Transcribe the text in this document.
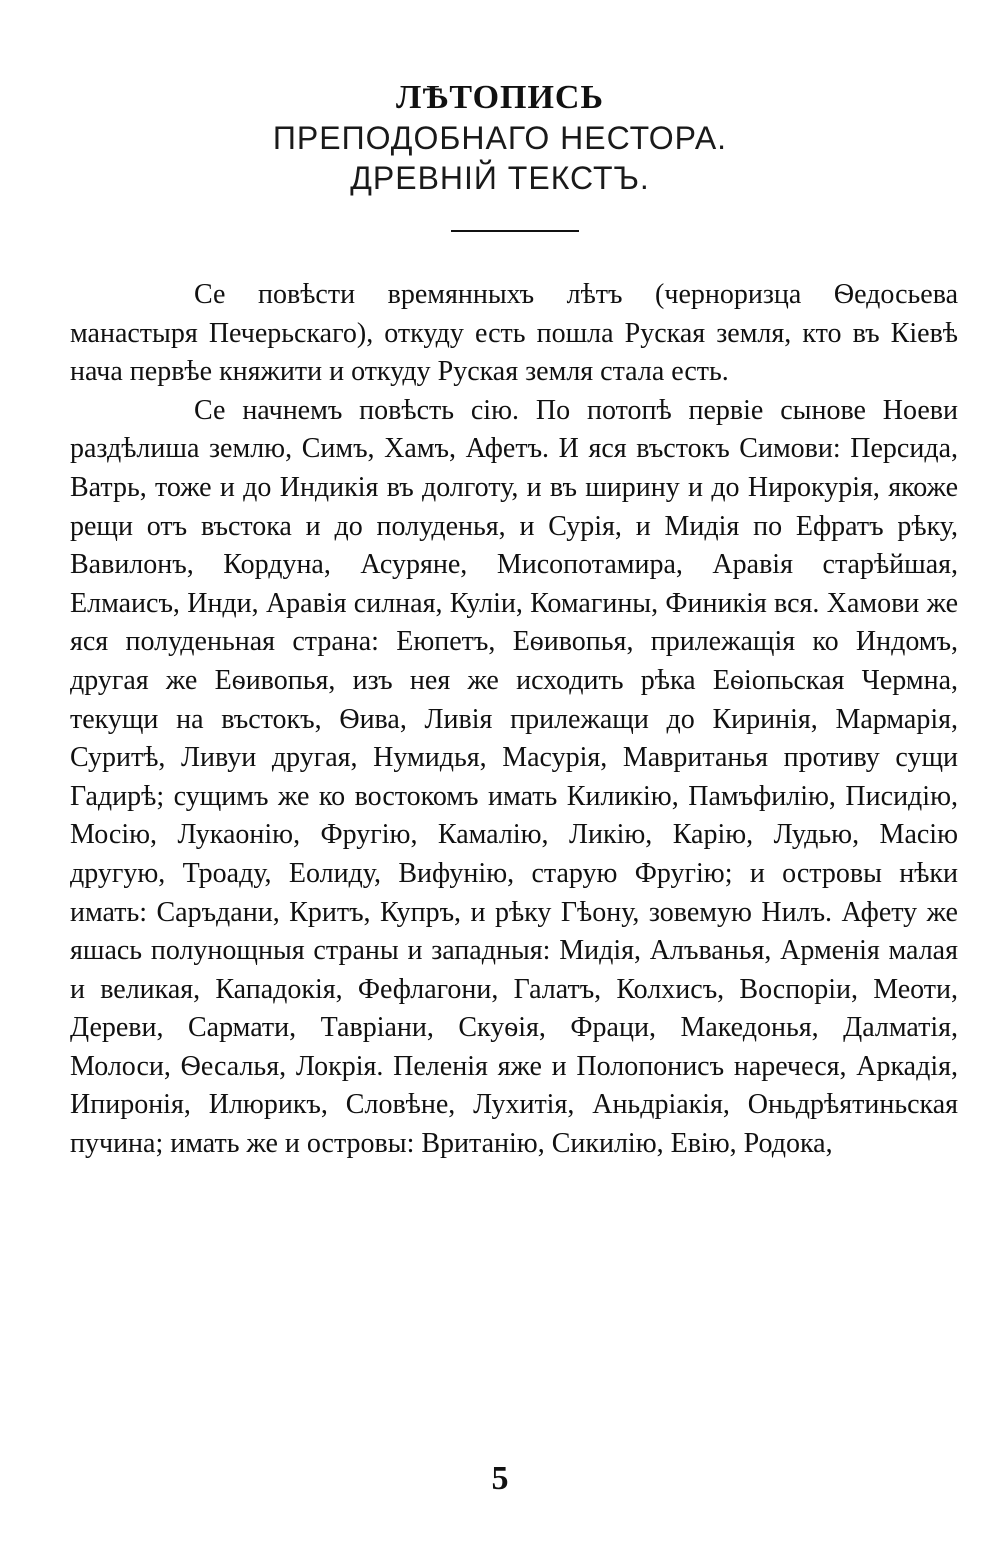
ЛѢТОПИСЬ
ПРЕПОДОБНАГО НЕСТОРА.
ДРЕВНІЙ ТЕКСТЪ.

Се повѣсти времянныхъ лѣтъ (черноризца Ѳедосьева манастыря Печерьскаго), откуду есть пошла Руская земля, кто въ Кіевѣ нача первѣе княжити и откуду Руская земля стала есть.

Се начнемъ повѣсть сію. По потопѣ первіе сынове Ноеви раздѣлиша землю, Симъ, Хамъ, Афетъ. И яся въстокъ Симови: Персида, Ватрь, тоже и до Индикія въ долготу, и въ ширину и до Нирокурія, якоже рещи отъ въстока и до полуденья, и Сурія, и Мидія по Ефратъ рѣку, Вавилонъ, Кордуна, Асуряне, Мисопотамира, Аравія старѣйшая, Елмаисъ, Инди, Аравія силная, Куліи, Комагины, Финикія вся. Хамови же яся полуденьная страна: Еюпетъ, Еѳивопья, прилежащія ко Индомъ, другая же Еѳивопья, изъ нея же исходить рѣка Еѳіопьская Чермна, текущи на въстокъ, Ѳива, Ливія прилежащи до Киринія, Мармарія, Суритѣ, Ливуи другая, Нумидья, Масурія, Мавританья противу сущи Гадирѣ; сущимъ же ко востокомъ имать Киликію, Памъфилію, Писидію, Мосію, Лукаонію, Фругію, Камалію, Ликію, Карію, Лудью, Масію другую, Троаду, Еолиду, Вифунію, старую Фругію; и островы нѣки имать: Саръдани, Критъ, Купръ, и рѣку Гѣону, зовемую Нилъ. Афету же яшась полунощныя страны и западныя: Мидія, Алъванья, Арменія малая и великая, Кападокія, Фефлагони, Галатъ, Колхисъ, Воспоріи, Меоти, Дереви, Сармати, Тавріани, Скуѳія, Фраци, Македонья, Далматія, Молоси, Ѳесалья, Локрія. Пеленія яже и Полопонисъ наречеся, Аркадія, Ипиронія, Илюрикъ, Словѣне, Лухитія, Аньдріакія, Оньдрѣятиньская пучина; имать же и островы: Вританію, Сикилію, Евію, Родока,

5
